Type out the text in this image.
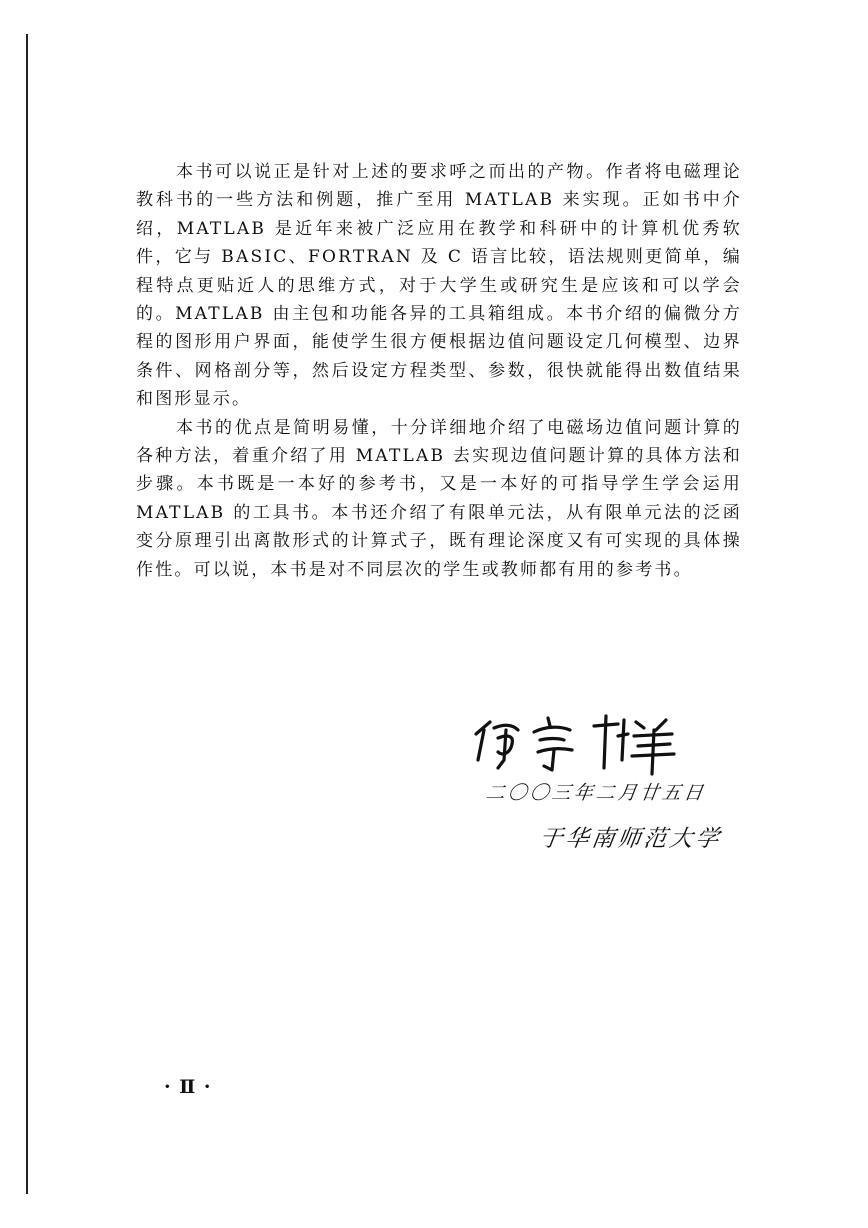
本书可以说正是针对上述的要求呼之而出的产物。作者将电磁理论教科书的一些方法和例题，推广至用 MATLAB 来实现。正如书中介绍，MATLAB 是近年来被广泛应用在教学和科研中的计算机优秀软件，它与 BASIC、FORTRAN 及 C 语言比较，语法规则更简单，编程特点更贴近人的思维方式，对于大学生或研究生是应该和可以学会的。MATLAB 由主包和功能各异的工具箱组成。本书介绍的偏微分方程的图形用户界面，能使学生很方便根据边值问题设定几何模型、边界条件、网格剖分等，然后设定方程类型、参数，很快就能得出数值结果和图形显示。

本书的优点是简明易懂，十分详细地介绍了电磁场边值问题计算的各种方法，着重介绍了用 MATLAB 去实现边值问题计算的具体方法和步骤。本书既是一本好的参考书，又是一本好的可指导学生学会运用 MATLAB 的工具书。本书还介绍了有限单元法，从有限单元法的泛函变分原理引出离散形式的计算式子，既有理论深度又有可实现的具体操作性。可以说，本书是对不同层次的学生或教师都有用的参考书。

二〇〇三年二月廿五日
于华南师范大学
· Ⅱ ·
